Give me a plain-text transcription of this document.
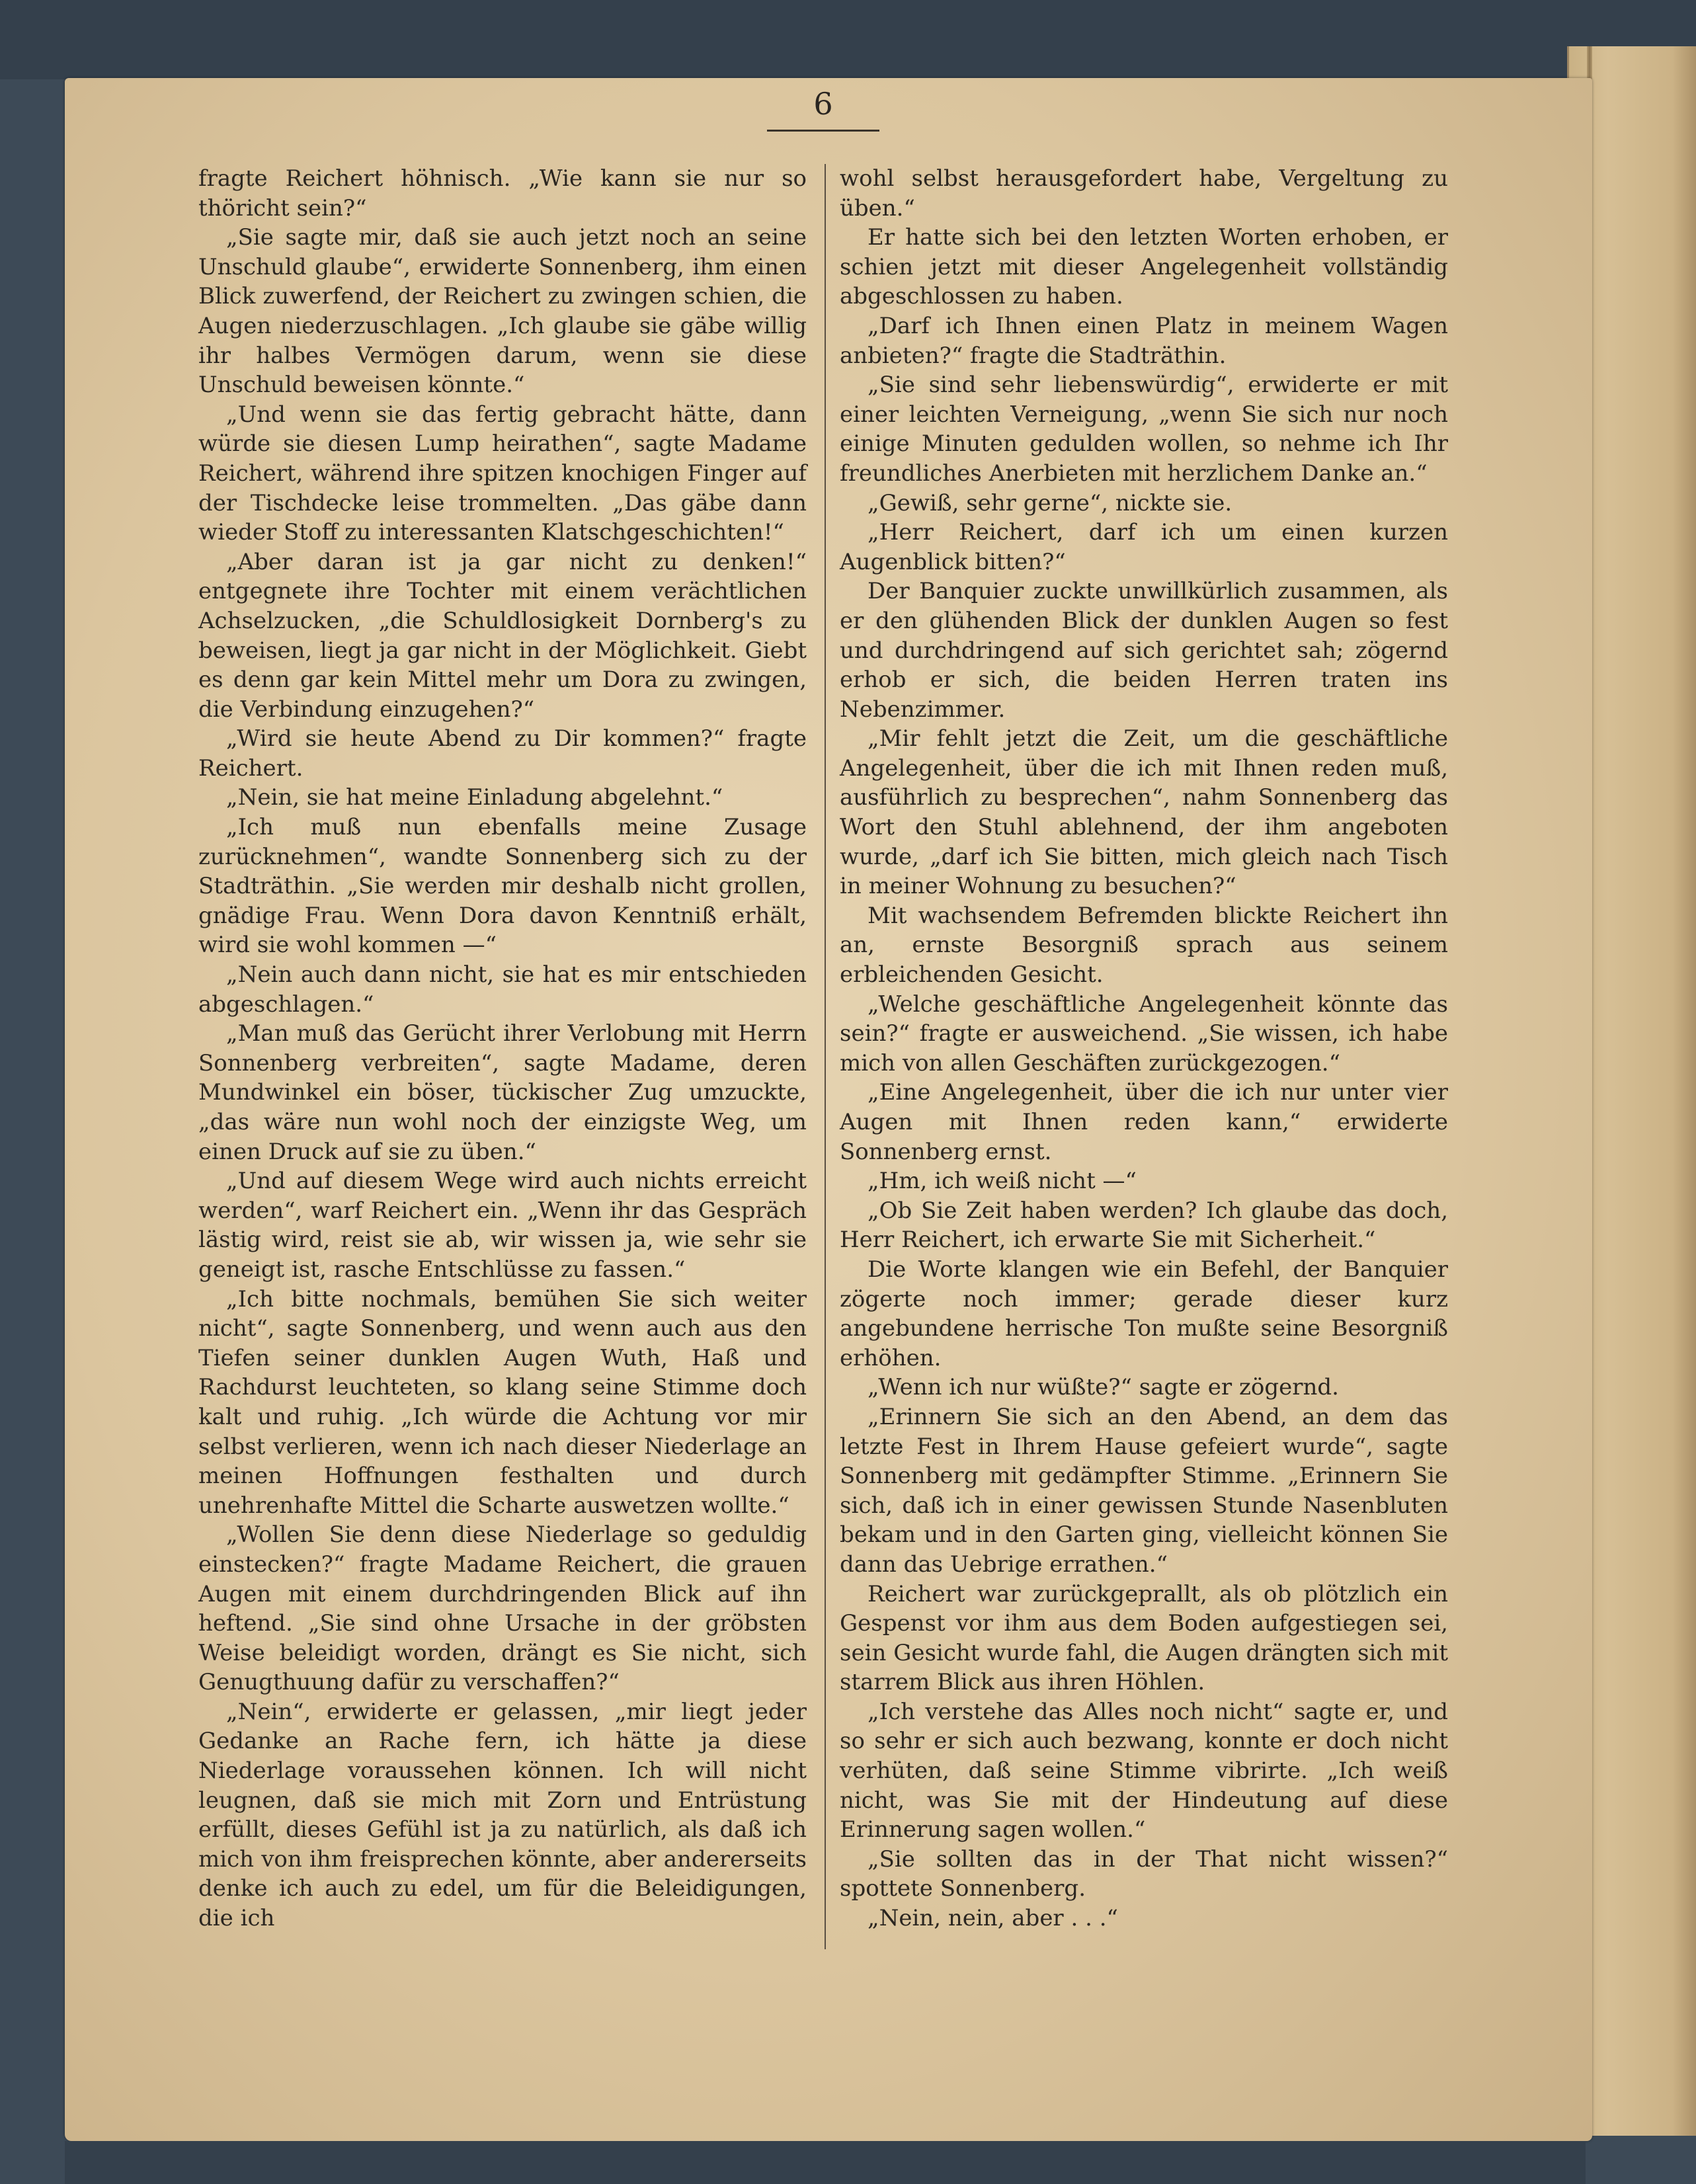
6

fragte Reichert höhnisch. „Wie kann sie nur so thöricht sein?“

„Sie sagte mir, daß sie auch jetzt noch an seine Unschuld glaube“, erwiderte Sonnenberg, ihm einen Blick zuwerfend, der Reichert zu zwingen schien, die Augen niederzuschlagen. „Ich glaube sie gäbe willig ihr halbes Vermögen darum, wenn sie diese Unschuld beweisen könnte.“

„Und wenn sie das fertig gebracht hätte, dann würde sie diesen Lump heirathen“, sagte Madame Reichert, während ihre spitzen knochigen Finger auf der Tischdecke leise trommelten. „Das gäbe dann wieder Stoff zu interessanten Klatschgeschichten!“

„Aber daran ist ja gar nicht zu denken!“ entgegnete ihre Tochter mit einem verächtlichen Achselzucken, „die Schuldlosigkeit Dornberg's zu beweisen, liegt ja gar nicht in der Möglichkeit. Giebt es denn gar kein Mittel mehr um Dora zu zwingen, die Verbindung einzugehen?“

„Wird sie heute Abend zu Dir kommen?“ fragte Reichert.

„Nein, sie hat meine Einladung abgelehnt.“

„Ich muß nun ebenfalls meine Zusage zurücknehmen“, wandte Sonnenberg sich zu der Stadträthin. „Sie werden mir deshalb nicht grollen, gnädige Frau. Wenn Dora davon Kenntniß erhält, wird sie wohl kommen —“

„Nein auch dann nicht, sie hat es mir entschieden abgeschlagen.“

„Man muß das Gerücht ihrer Verlobung mit Herrn Sonnenberg verbreiten“, sagte Madame, deren Mundwinkel ein böser, tückischer Zug umzuckte, „das wäre nun wohl noch der einzigste Weg, um einen Druck auf sie zu üben.“

„Und auf diesem Wege wird auch nichts erreicht werden“, warf Reichert ein. „Wenn ihr das Gespräch lästig wird, reist sie ab, wir wissen ja, wie sehr sie geneigt ist, rasche Entschlüsse zu fassen.“

„Ich bitte nochmals, bemühen Sie sich weiter nicht“, sagte Sonnenberg, und wenn auch aus den Tiefen seiner dunklen Augen Wuth, Haß und Rachdurst leuchteten, so klang seine Stimme doch kalt und ruhig. „Ich würde die Achtung vor mir selbst verlieren, wenn ich nach dieser Niederlage an meinen Hoffnungen festhalten und durch unehrenhafte Mittel die Scharte auswetzen wollte.“

„Wollen Sie denn diese Niederlage so geduldig einstecken?“ fragte Madame Reichert, die grauen Augen mit einem durchdringenden Blick auf ihn heftend. „Sie sind ohne Ursache in der gröbsten Weise beleidigt worden, drängt es Sie nicht, sich Genugthuung dafür zu verschaffen?“

„Nein“, erwiderte er gelassen, „mir liegt jeder Gedanke an Rache fern, ich hätte ja diese Niederlage voraussehen können. Ich will nicht leugnen, daß sie mich mit Zorn und Entrüstung erfüllt, dieses Gefühl ist ja zu natürlich, als daß ich mich von ihm freisprechen könnte, aber andererseits denke ich auch zu edel, um für die Beleidigungen, die ich

wohl selbst herausgefordert habe, Vergeltung zu üben.“

Er hatte sich bei den letzten Worten erhoben, er schien jetzt mit dieser Angelegenheit vollständig abgeschlossen zu haben.

„Darf ich Ihnen einen Platz in meinem Wagen anbieten?“ fragte die Stadträthin.

„Sie sind sehr liebenswürdig“, erwiderte er mit einer leichten Verneigung, „wenn Sie sich nur noch einige Minuten gedulden wollen, so nehme ich Ihr freundliches Anerbieten mit herzlichem Danke an.“

„Gewiß, sehr gerne“, nickte sie.

„Herr Reichert, darf ich um einen kurzen Augenblick bitten?“

Der Banquier zuckte unwillkürlich zusammen, als er den glühenden Blick der dunklen Augen so fest und durchdringend auf sich gerichtet sah; zögernd erhob er sich, die beiden Herren traten ins Nebenzimmer.

„Mir fehlt jetzt die Zeit, um die geschäftliche Angelegenheit, über die ich mit Ihnen reden muß, ausführlich zu besprechen“, nahm Sonnenberg das Wort den Stuhl ablehnend, der ihm angeboten wurde, „darf ich Sie bitten, mich gleich nach Tisch in meiner Wohnung zu besuchen?“

Mit wachsendem Befremden blickte Reichert ihn an, ernste Besorgniß sprach aus seinem erbleichenden Gesicht.

„Welche geschäftliche Angelegenheit könnte das sein?“ fragte er ausweichend. „Sie wissen, ich habe mich von allen Geschäften zurückgezogen.“

„Eine Angelegenheit, über die ich nur unter vier Augen mit Ihnen reden kann,“ erwiderte Sonnenberg ernst.

„Hm, ich weiß nicht —“

„Ob Sie Zeit haben werden? Ich glaube das doch, Herr Reichert, ich erwarte Sie mit Sicherheit.“

Die Worte klangen wie ein Befehl, der Banquier zögerte noch immer; gerade dieser kurz angebundene herrische Ton mußte seine Besorgniß erhöhen.

„Wenn ich nur wüßte?“ sagte er zögernd.

„Erinnern Sie sich an den Abend, an dem das letzte Fest in Ihrem Hause gefeiert wurde“, sagte Sonnenberg mit gedämpfter Stimme. „Erinnern Sie sich, daß ich in einer gewissen Stunde Nasenbluten bekam und in den Garten ging, vielleicht können Sie dann das Uebrige errathen.“

Reichert war zurückgeprallt, als ob plötzlich ein Gespenst vor ihm aus dem Boden aufgestiegen sei, sein Gesicht wurde fahl, die Augen drängten sich mit starrem Blick aus ihren Höhlen.

„Ich verstehe das Alles noch nicht“ sagte er, und so sehr er sich auch bezwang, konnte er doch nicht verhüten, daß seine Stimme vibrirte. „Ich weiß nicht, was Sie mit der Hindeutung auf diese Erinnerung sagen wollen.“

„Sie sollten das in der That nicht wissen?“ spottete Sonnenberg.

„Nein, nein, aber . . .“
